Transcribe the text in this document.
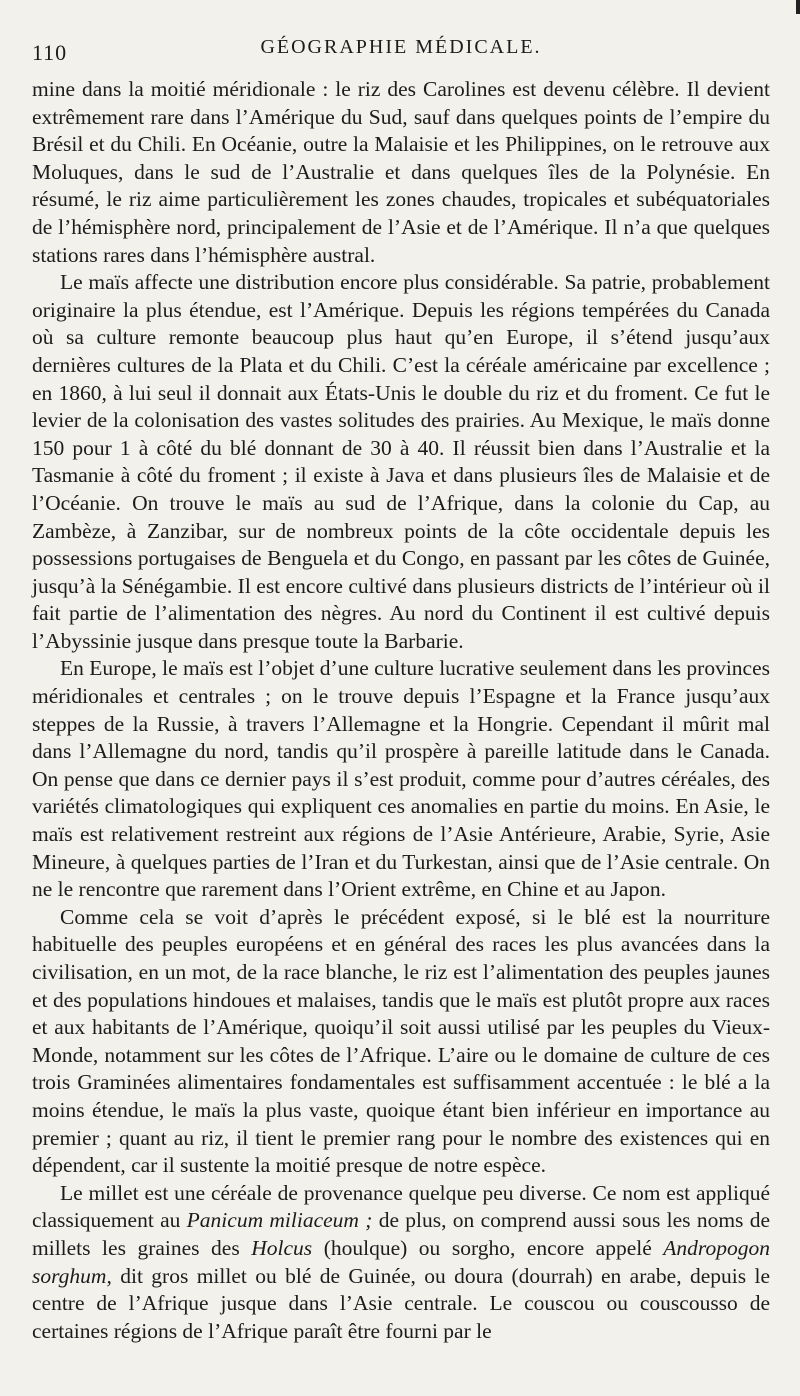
110	GÉOGRAPHIE MÉDICALE.

mine dans la moitié méridionale : le riz des Carolines est devenu célèbre. Il devient extrêmement rare dans l’Amérique du Sud, sauf dans quelques points de l’empire du Brésil et du Chili. En Océanie, outre la Malaisie et les Philippines, on le retrouve aux Moluques, dans le sud de l’Australie et dans quelques îles de la Polynésie. En résumé, le riz aime particulièrement les zones chaudes, tropicales et subéquatoriales de l’hémisphère nord, principalement de l’Asie et de l’Amérique. Il n’a que quelques stations rares dans l’hémisphère austral.

Le maïs affecte une distribution encore plus considérable. Sa patrie, probablement originaire la plus étendue, est l’Amérique. Depuis les régions tempérées du Canada où sa culture remonte beaucoup plus haut qu’en Europe, il s’étend jusqu’aux dernières cultures de la Plata et du Chili. C’est la céréale américaine par excellence ; en 1860, à lui seul il donnait aux États-Unis le double du riz et du froment. Ce fut le levier de la colonisation des vastes solitudes des prairies. Au Mexique, le maïs donne 150 pour 1 à côté du blé donnant de 30 à 40. Il réussit bien dans l’Australie et la Tasmanie à côté du froment ; il existe à Java et dans plusieurs îles de Malaisie et de l’Océanie. On trouve le maïs au sud de l’Afrique, dans la colonie du Cap, au Zambèze, à Zanzibar, sur de nombreux points de la côte occidentale depuis les possessions portugaises de Benguela et du Congo, en passant par les côtes de Guinée, jusqu’à la Sénégambie. Il est encore cultivé dans plusieurs districts de l’intérieur où il fait partie de l’alimentation des nègres. Au nord du Continent il est cultivé depuis l’Abyssinie jusque dans presque toute la Barbarie.

En Europe, le maïs est l’objet d’une culture lucrative seulement dans les provinces méridionales et centrales ; on le trouve depuis l’Espagne et la France jusqu’aux steppes de la Russie, à travers l’Allemagne et la Hongrie. Cependant il mûrit mal dans l’Allemagne du nord, tandis qu’il prospère à pareille latitude dans le Canada. On pense que dans ce dernier pays il s’est produit, comme pour d’autres céréales, des variétés climatologiques qui expliquent ces anomalies en partie du moins. En Asie, le maïs est relativement restreint aux régions de l’Asie Antérieure, Arabie, Syrie, Asie Mineure, à quelques parties de l’Iran et du Turkestan, ainsi que de l’Asie centrale. On ne le rencontre que rarement dans l’Orient extrême, en Chine et au Japon.

Comme cela se voit d’après le précédent exposé, si le blé est la nourriture habituelle des peuples européens et en général des races les plus avancées dans la civilisation, en un mot, de la race blanche, le riz est l’alimentation des peuples jaunes et des populations hindoues et malaises, tandis que le maïs est plutôt propre aux races et aux habitants de l’Amérique, quoiqu’il soit aussi utilisé par les peuples du Vieux-Monde, notamment sur les côtes de l’Afrique. L’aire ou le domaine de culture de ces trois Graminées alimentaires fondamentales est suffisamment accentuée : le blé a la moins étendue, le maïs la plus vaste, quoique étant bien inférieur en importance au premier ; quant au riz, il tient le premier rang pour le nombre des existences qui en dépendent, car il sustente la moitié presque de notre espèce.

Le millet est une céréale de provenance quelque peu diverse. Ce nom est appliqué classiquement au Panicum miliaceum ; de plus, on comprend aussi sous les noms de millets les graines des Holcus (houlque) ou sorgho, encore appelé Andropogon sorghum, dit gros millet ou blé de Guinée, ou doura (dourrah) en arabe, depuis le centre de l’Afrique jusque dans l’Asie centrale. Le couscou ou couscousso de certaines régions de l’Afrique paraît être fourni par le
